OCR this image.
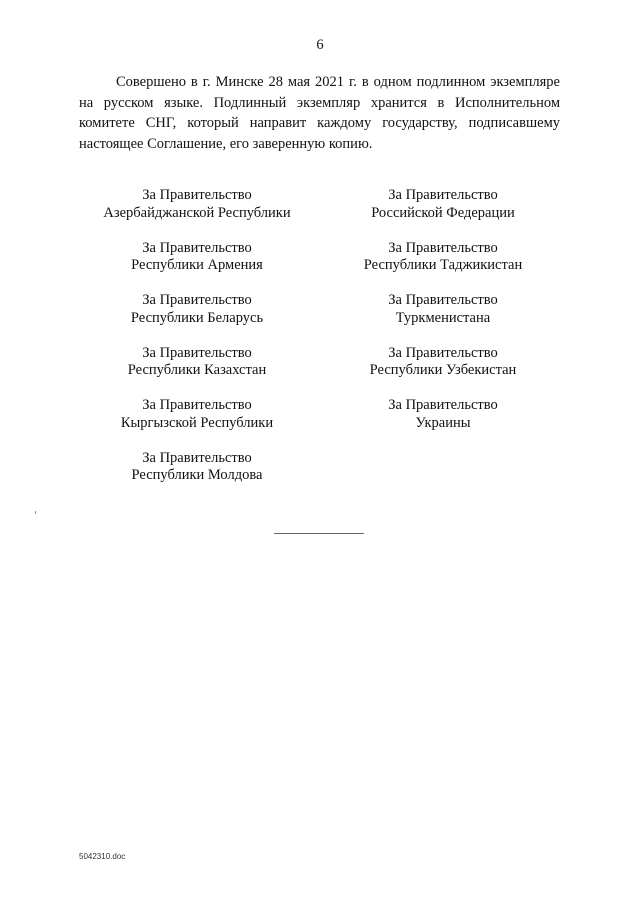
6

Совершено в г. Минске 28 мая 2021 г. в одном подлинном экземпляре на русском языке. Подлинный экземпляр хранится в Исполнительном комитете СНГ, который направит каждому государству, подписавшему настоящее Соглашение, его заверенную копию.

За Правительство
Азербайджанской Республики
За Правительство
Республики Армения
За Правительство
Республики Беларусь
За Правительство
Республики Казахстан
За Правительство
Кыргызской Республики
За Правительство
Республики Молдова
За Правительство
Российской Федерации
За Правительство
Республики Таджикистан
За Правительство
Туркменистана
За Правительство
Республики Узбекистан
За Правительство
Украины
5042310.doc
